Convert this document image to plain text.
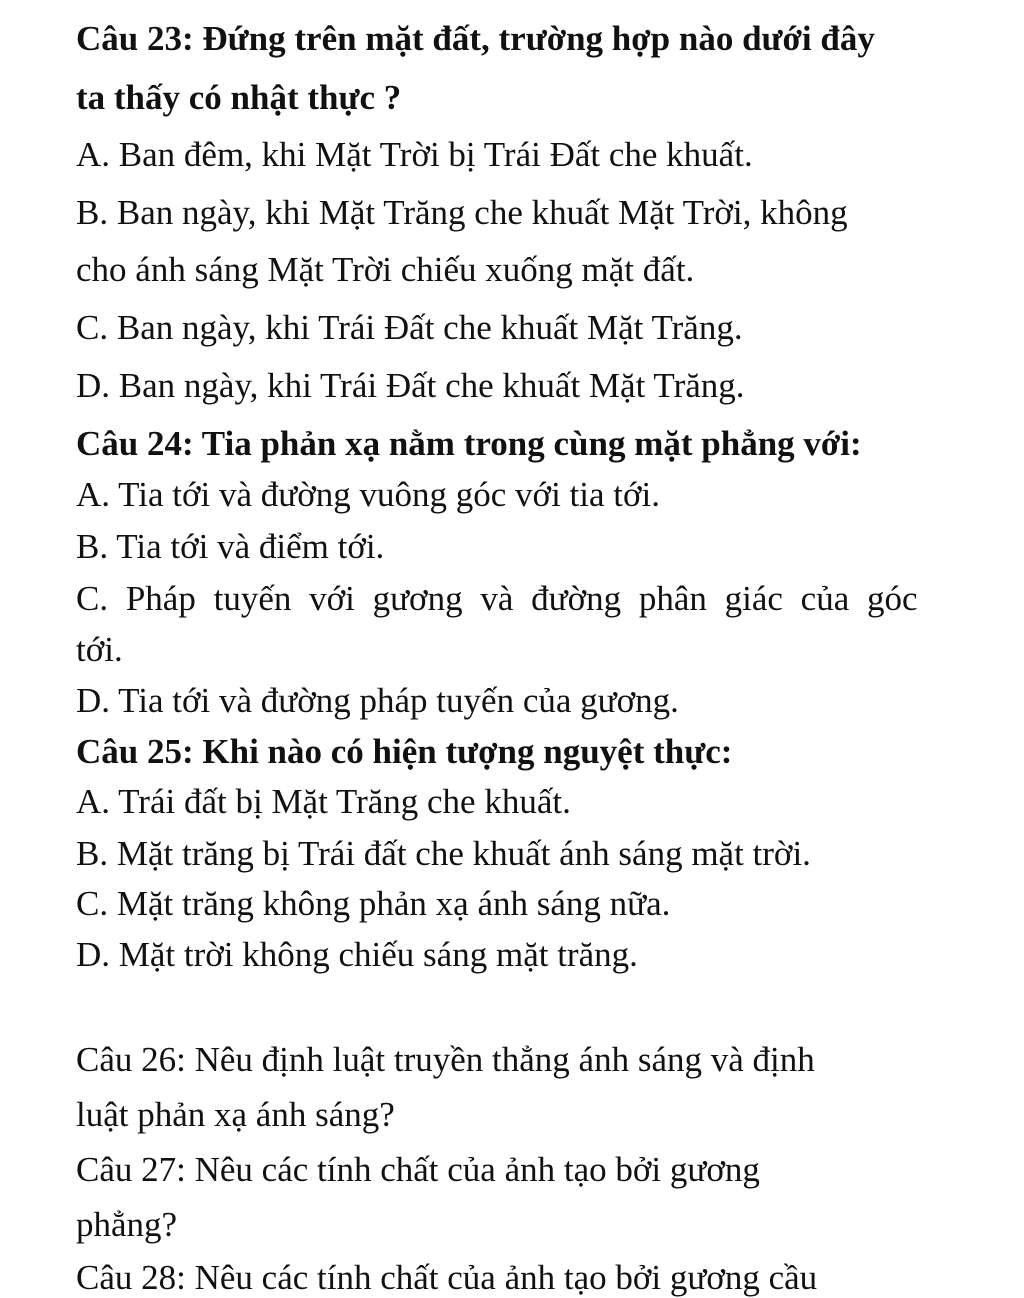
Câu 23: Đứng trên mặt đất, trường hợp nào dưới đây
ta thấy có nhật thực ?
A. Ban đêm, khi Mặt Trời bị Trái Đất che khuất.
B. Ban ngày, khi Mặt Trăng che khuất Mặt Trời, không
cho ánh sáng Mặt Trời chiếu xuống mặt đất.
C. Ban ngày, khi Trái Đất che khuất Mặt Trăng.
D. Ban ngày, khi Trái Đất che khuất Mặt Trăng.
Câu 24: Tia phản xạ nằm trong cùng mặt phẳng với:
A. Tia tới và đường vuông góc với tia tới.
B. Tia tới và điểm tới.
C. Pháp tuyến với gương và đường phân giác của góc
tới.
D. Tia tới và đường pháp tuyến của gương.
Câu 25: Khi nào có hiện tượng nguyệt thực:
A. Trái đất bị Mặt Trăng che khuất.
B. Mặt trăng bị Trái đất che khuất ánh sáng mặt trời.
C. Mặt trăng không phản xạ ánh sáng nữa.
D. Mặt trời không chiếu sáng mặt trăng.
Câu 26: Nêu định luật truyền thẳng ánh sáng và định
luật phản xạ ánh sáng?
Câu 27: Nêu các tính chất của ảnh tạo bởi gương
phẳng?
Câu 28: Nêu các tính chất của ảnh tạo bởi gương cầu
